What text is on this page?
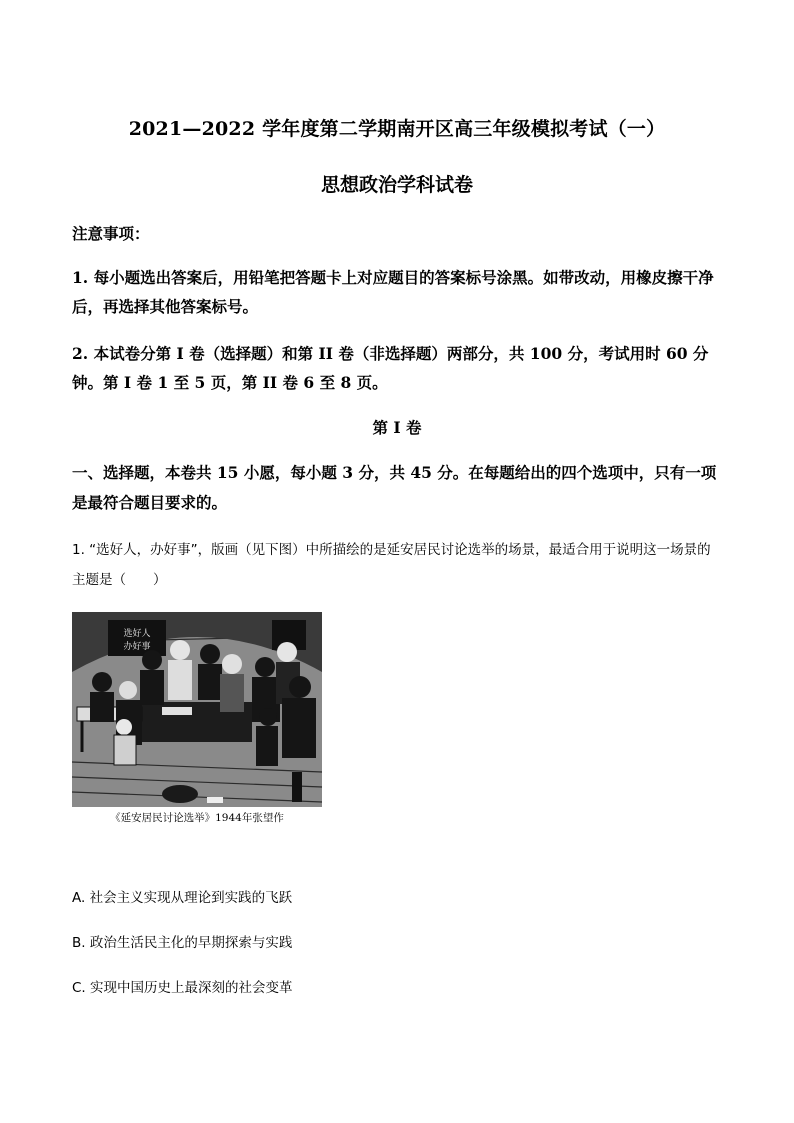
2021—2022 学年度第二学期南开区高三年级模拟考试（一）
思想政治学科试卷
注意事项：
1. 每小题选出答案后，用铅笔把答题卡上对应题目的答案标号涂黑。如带改动，用橡皮擦干净后，再选择其他答案标号。
2. 本试卷分第 I 卷（选择题）和第 II 卷（非选择题）两部分，共 100 分，考试用时 60 分钟。第 I 卷 1 至 5 页，第 II 卷 6 至 8 页。
第 I 卷
一、选择题，本卷共 15 小愿，每小题 3 分，共 45 分。在每题给出的四个选项中，只有一项是最符合题目要求的。
1. “选好人，办好事”，版画（见下图）中所描绘的是延安居民讨论选举的场景，最适合用于说明这一场景的主题是（　　）
选好人
办好事
《延安居民讨论选举》1944年张望作
A. 社会主义实现从理论到实践的飞跃
B. 政治生活民主化的早期探索与实践
C. 实现中国历史上最深刻的社会变革
